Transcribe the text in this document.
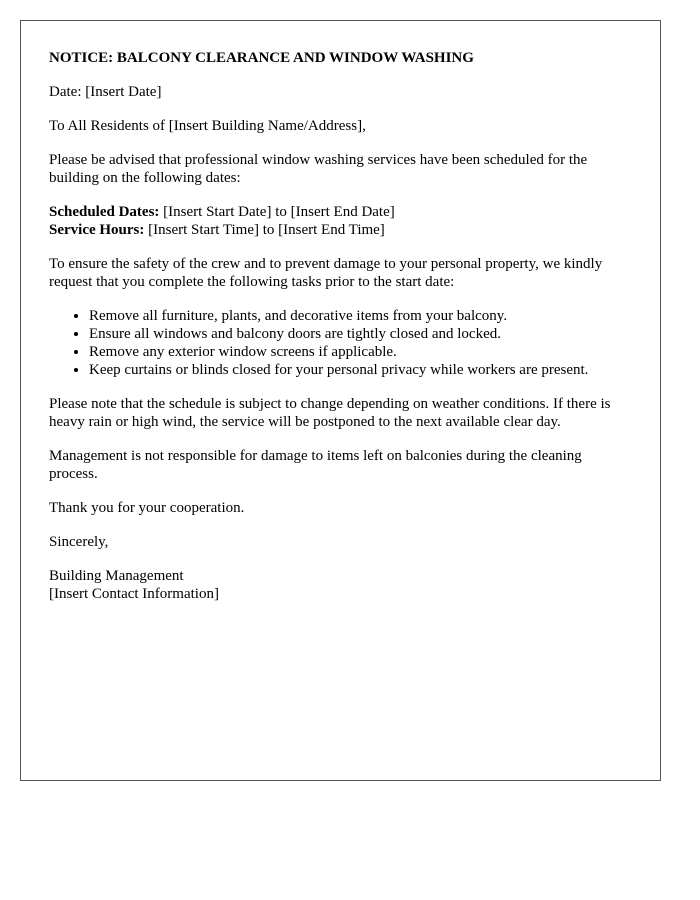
NOTICE: BALCONY CLEARANCE AND WINDOW WASHING

Date: [Insert Date]

To All Residents of [Insert Building Name/Address],

Please be advised that professional window washing services have been scheduled for the building on the following dates:

Scheduled Dates: [Insert Start Date] to [Insert End Date]
Service Hours: [Insert Start Time] to [Insert End Time]

To ensure the safety of the crew and to prevent damage to your personal property, we kindly request that you complete the following tasks prior to the start date:

• Remove all furniture, plants, and decorative items from your balcony.
• Ensure all windows and balcony doors are tightly closed and locked.
• Remove any exterior window screens if applicable.
• Keep curtains or blinds closed for your personal privacy while workers are present.

Please note that the schedule is subject to change depending on weather conditions. If there is heavy rain or high wind, the service will be postponed to the next available clear day.

Management is not responsible for damage to items left on balconies during the cleaning process.

Thank you for your cooperation.

Sincerely,

Building Management
[Insert Contact Information]
